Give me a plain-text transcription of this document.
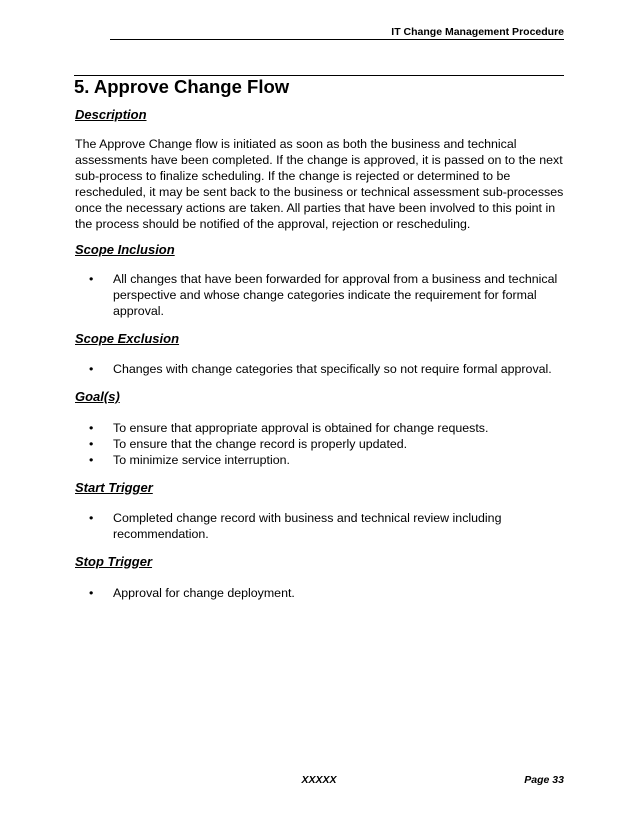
IT Change Management Procedure
5. Approve Change Flow
Description

The Approve Change flow is initiated as soon as both the business and technical assessments have been completed. If the change is approved, it is passed on to the next sub-process to finalize scheduling. If the change is rejected or determined to be rescheduled, it may be sent back to the business or technical assessment sub-processes once the necessary actions are taken. All parties that have been involved to this point in the process should be notified of the approval, rejection or rescheduling.

Scope Inclusion
• All changes that have been forwarded for approval from a business and technical perspective and whose change categories indicate the requirement for formal approval.
Scope Exclusion
• Changes with change categories that specifically so not require formal approval.
Goal(s)
• To ensure that appropriate approval is obtained for change requests.
• To ensure that the change record is properly updated.
• To minimize service interruption.
Start Trigger
• Completed change record with business and technical review including recommendation.
Stop Trigger
• Approval for change deployment.
XXXXX	Page 33
